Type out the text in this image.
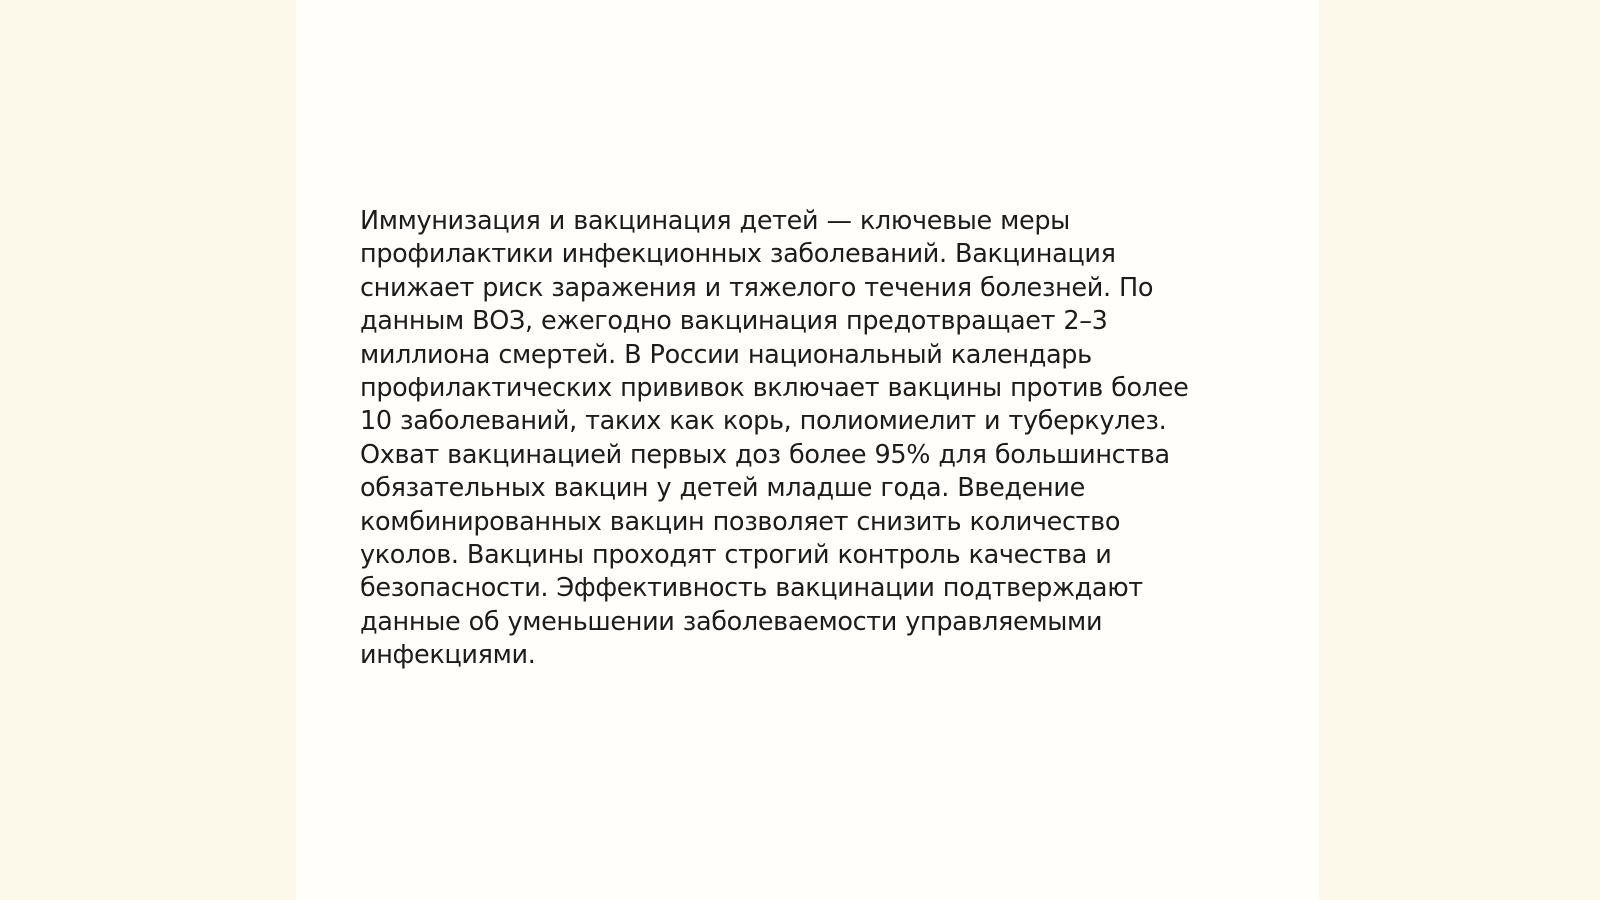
Иммунизация и вакцинация детей — ключевые меры
профилактики инфекционных заболеваний. Вакцинация
снижает риск заражения и тяжелого течения болезней. По
данным ВОЗ, ежегодно вакцинация предотвращает 2–3
миллиона смертей. В России национальный календарь
профилактических прививок включает вакцины против более
10 заболеваний, таких как корь, полиомиелит и туберкулез.
Охват вакцинацией первых доз более 95% для большинства
обязательных вакцин у детей младше года. Введение
комбинированных вакцин позволяет снизить количество
уколов. Вакцины проходят строгий контроль качества и
безопасности. Эффективность вакцинации подтверждают
данные об уменьшении заболеваемости управляемыми
инфекциями.
